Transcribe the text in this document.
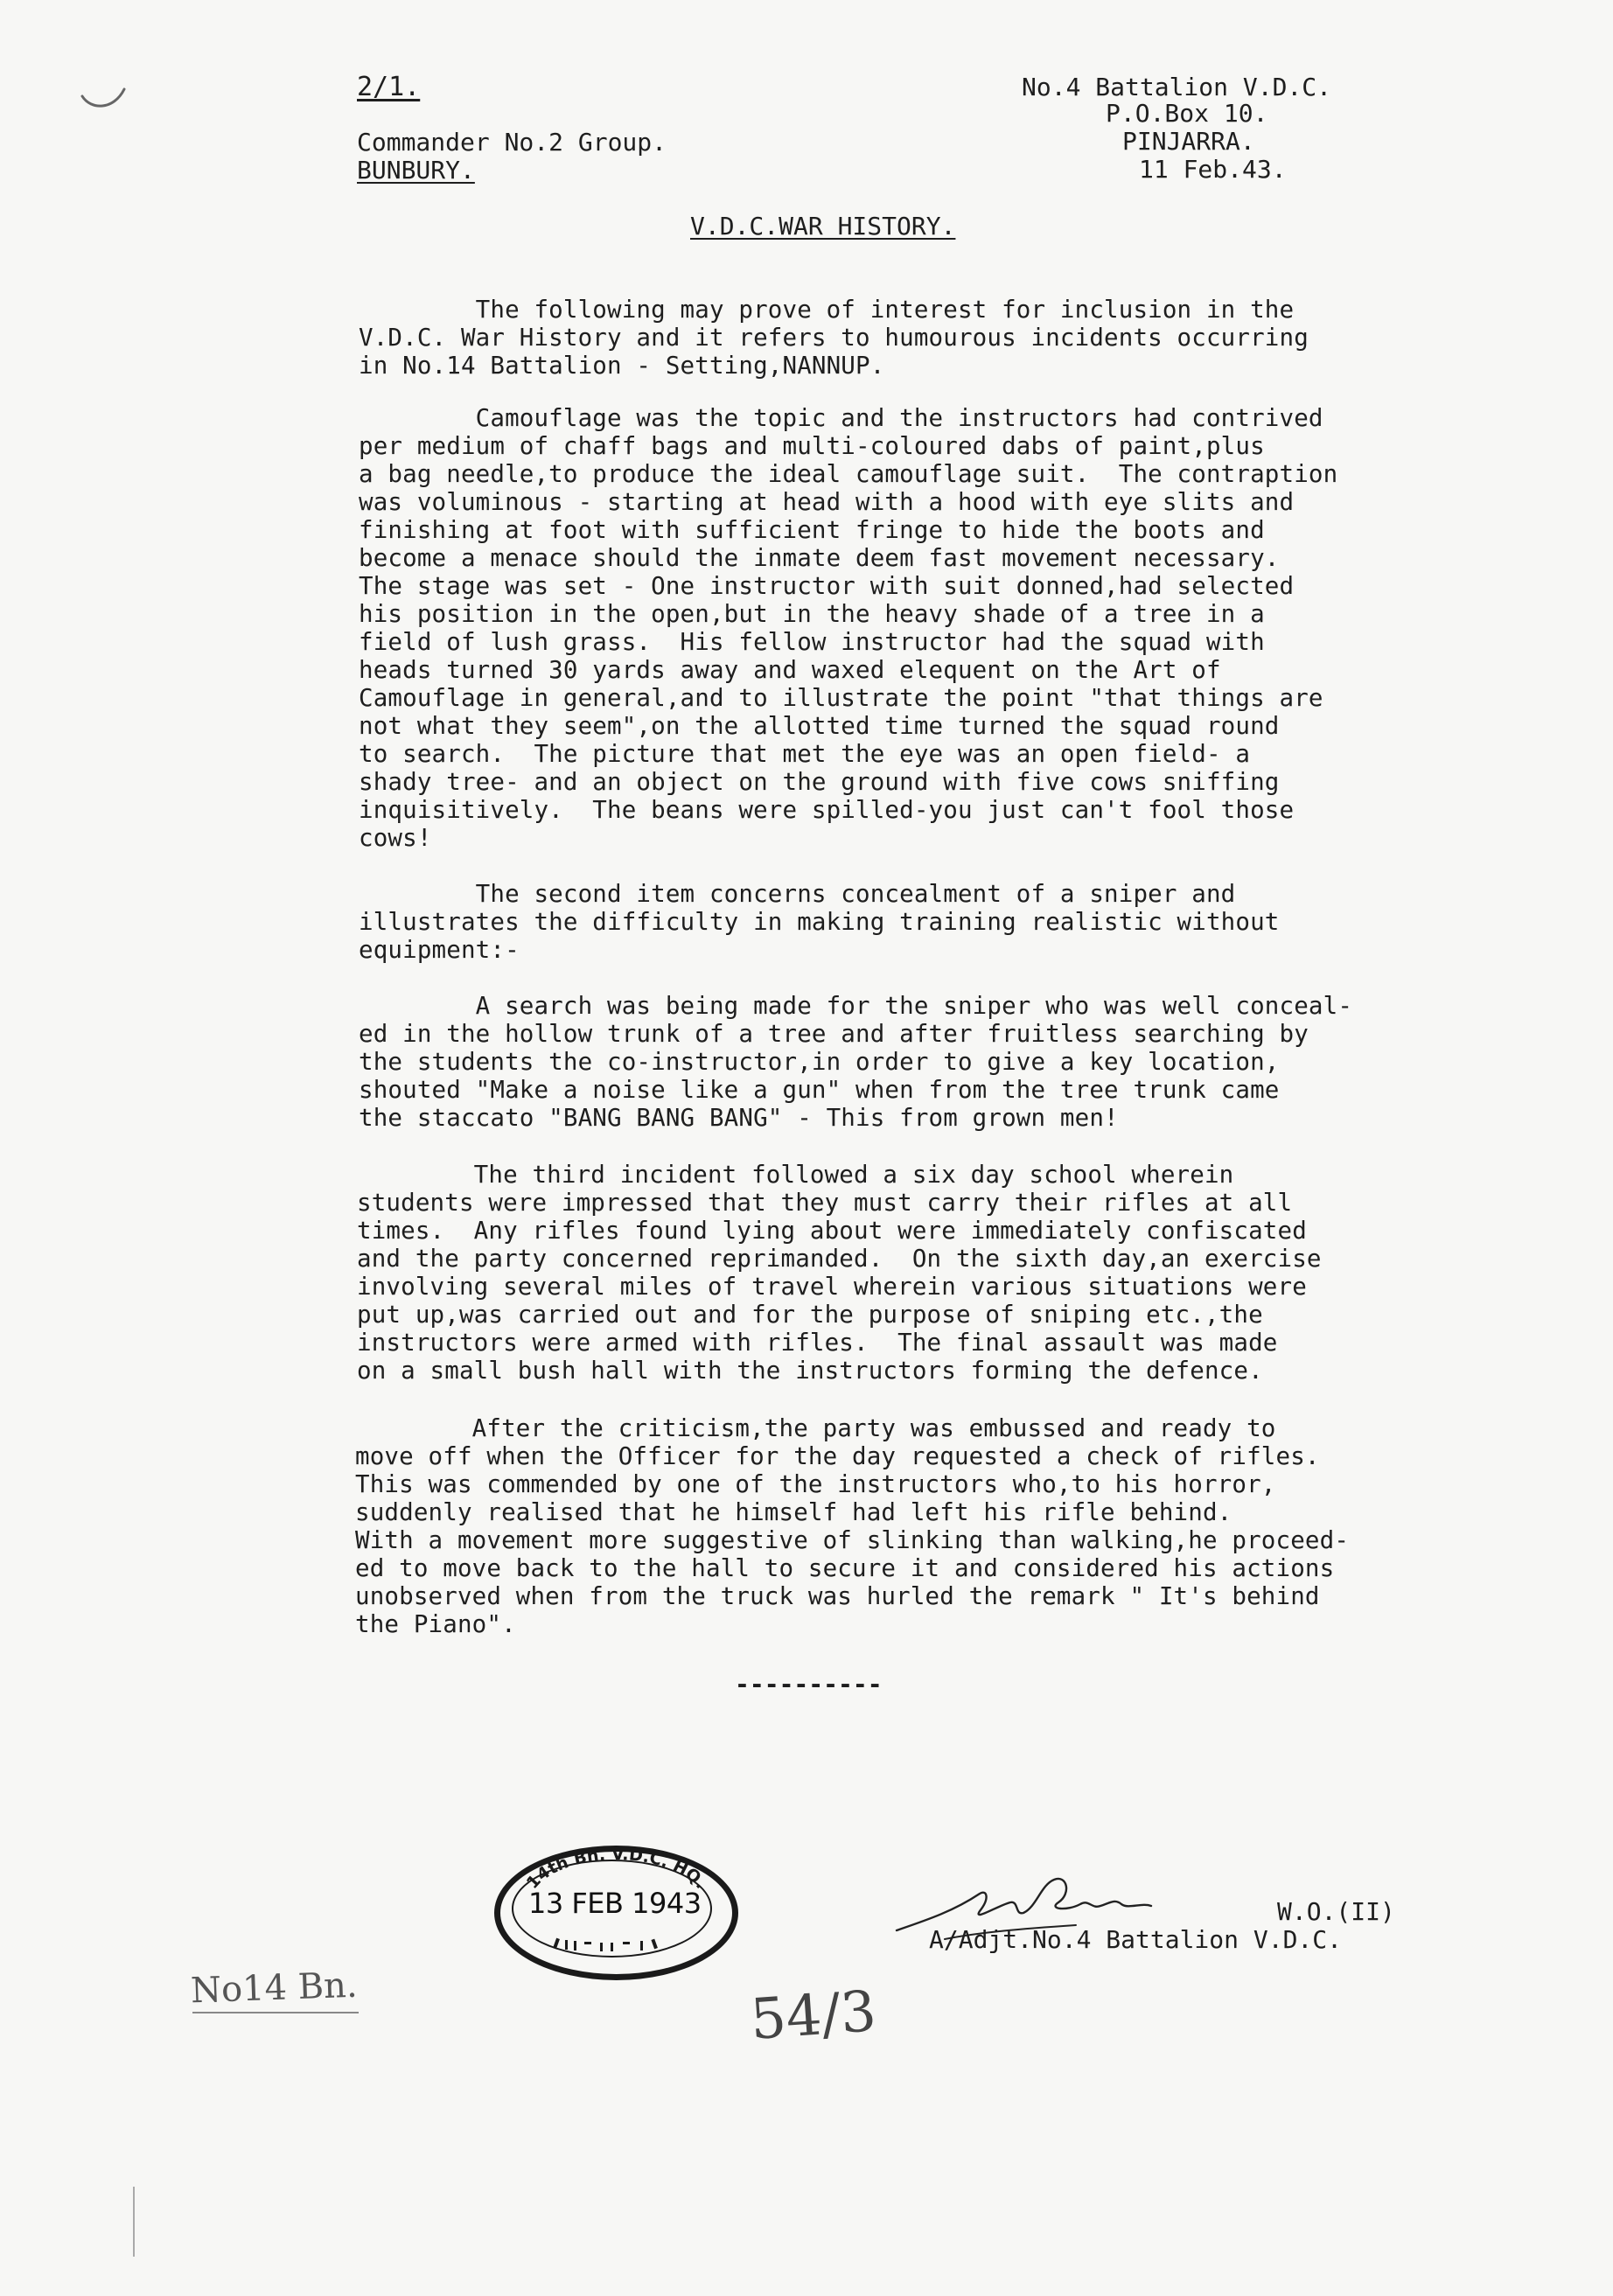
2/1.
Commander No.2 Group.
BUNBURY.
No.4 Battalion V.D.C.
P.O.Box 10.
PINJARRA.
11 Feb.43.
V.D.C.WAR HISTORY.
The following may prove of interest for inclusion in the
V.D.C. War History and it refers to humourous incidents occurring
in No.14 Battalion - Setting,NANNUP.
Camouflage was the topic and the instructors had contrived
per medium of chaff bags and multi-coloured dabs of paint,plus
a bag needle,to produce the ideal camouflage suit.  The contraption
was voluminous - starting at head with a hood with eye slits and
finishing at foot with sufficient fringe to hide the boots and
become a menace should the inmate deem fast movement necessary.
The stage was set - One instructor with suit donned,had selected
his position in the open,but in the heavy shade of a tree in a
field of lush grass.  His fellow instructor had the squad with
heads turned 30 yards away and waxed elequent on the Art of
Camouflage in general,and to illustrate the point "that things are
not what they seem",on the allotted time turned the squad round
to search.  The picture that met the eye was an open field- a
shady tree- and an object on the ground with five cows sniffing
inquisitively.  The beans were spilled-you just can't fool those
cows!
The second item concerns concealment of a sniper and
illustrates the difficulty in making training realistic without
equipment:-
A search was being made for the sniper who was well conceal-
ed in the hollow trunk of a tree and after fruitless searching by
the students the co-instructor,in order to give a key location,
shouted "Make a noise like a gun" when from the tree trunk came
the staccato "BANG BANG BANG" - This from grown men!
The third incident followed a six day school wherein
students were impressed that they must carry their rifles at all
times.  Any rifles found lying about were immediately confiscated
and the party concerned reprimanded.  On the sixth day,an exercise
involving several miles of travel wherein various situations were
put up,was carried out and for the purpose of sniping etc.,the
instructors were armed with rifles.  The final assault was made
on a small bush hall with the instructors forming the defence.
After the criticism,the party was embussed and ready to
move off when the Officer for the day requested a check of rifles.
This was commended by one of the instructors who,to his horror,
suddenly realised that he himself had left his rifle behind.
With a movement more suggestive of slinking than walking,he proceed-
ed to move back to the hall to secure it and considered his actions
unobserved when from the truck was hurled the remark " It's behind
the Piano".
----------
14th Bn. V.D.C. HQ.
13 FEB 1943	W.O.(II)
A/Adjt.No.4 Battalion V.D.C.
No14 Bn.	54/3
